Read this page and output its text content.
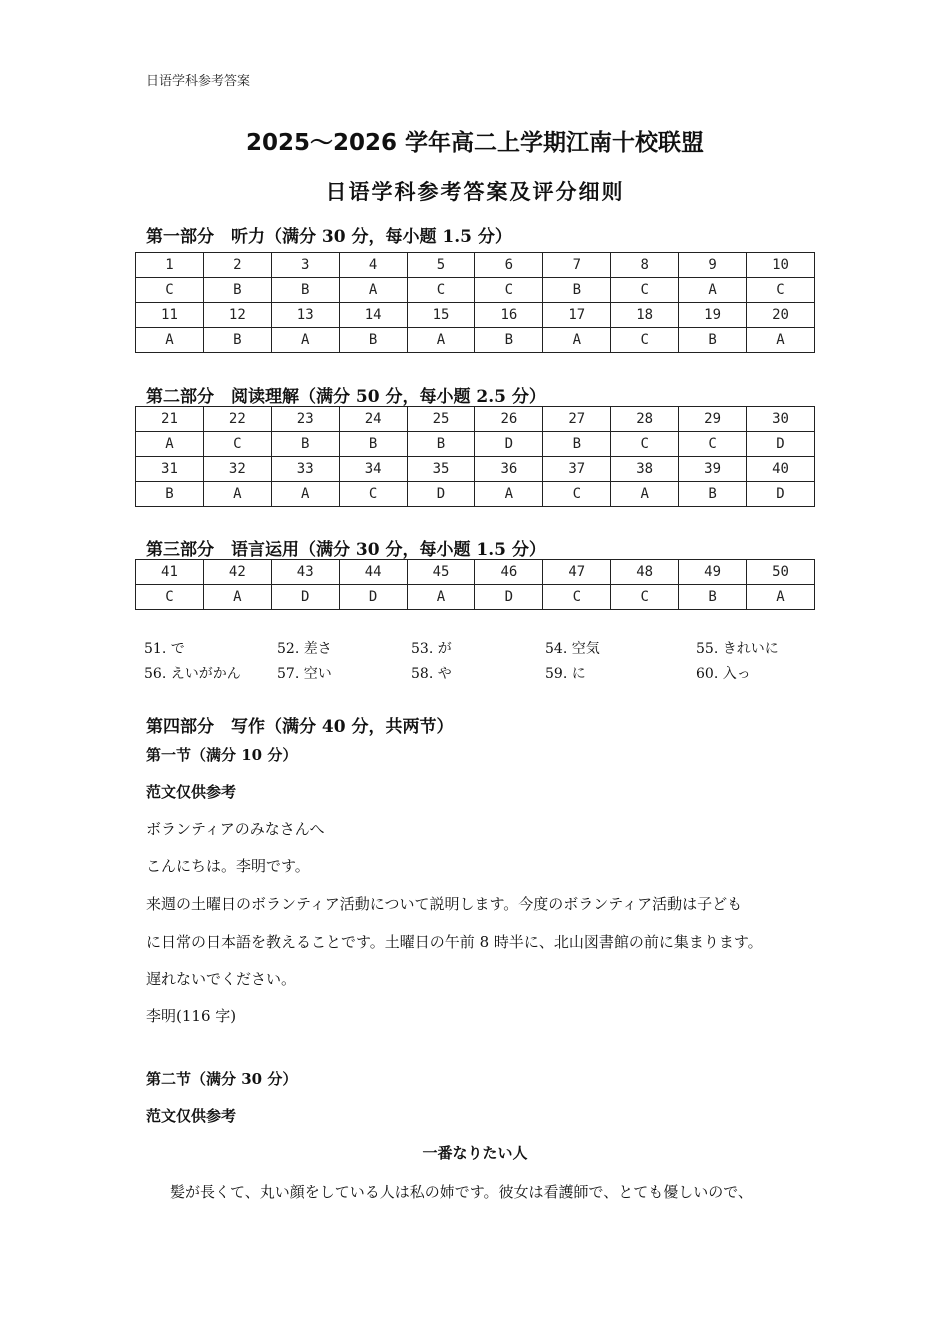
日语学科参考答案
2025～2026 学年高二上学期江南十校联盟
日语学科参考答案及评分细则
第一部分　听力（满分 30 分，每小题 1.5 分）
1	2	3	4	5	6	7	8	9	10
C	B	B	A	C	C	B	C	A	C
11	12	13	14	15	16	17	18	19	20
A	B	A	B	A	B	A	C	B	A
第二部分　阅读理解（满分 50 分，每小题 2.5 分）
21	22	23	24	25	26	27	28	29	30
A	C	B	B	B	D	B	C	C	D
31	32	33	34	35	36	37	38	39	40
B	A	A	C	D	A	C	A	B	D
第三部分　语言运用（满分 30 分，每小题 1.5 分）
41	42	43	44	45	46	47	48	49	50
C	A	D	D	A	D	C	C	B	A
51. で	52. 差さ	53. が	54. 空気	55. きれいに
56. えいがかん	57. 空い	58. や	59. に	60. 入っ
第四部分　写作（满分 40 分，共两节）
第一节（满分 10 分）
范文仅供参考
ボランティアのみなさんへ
こんにちは。李明です。
来週の土曜日のボランティア活動について説明します。今度のボランティア活動は子ども
に日常の日本語を教えることです。土曜日の午前 8 時半に、北山図書館の前に集まります。
遅れないでください。
李明(116 字)
第二节（满分 30 分）
范文仅供参考
一番なりたい人
髪が長くて、丸い顔をしている人は私の姉です。彼女は看護師で、とても優しいので、
